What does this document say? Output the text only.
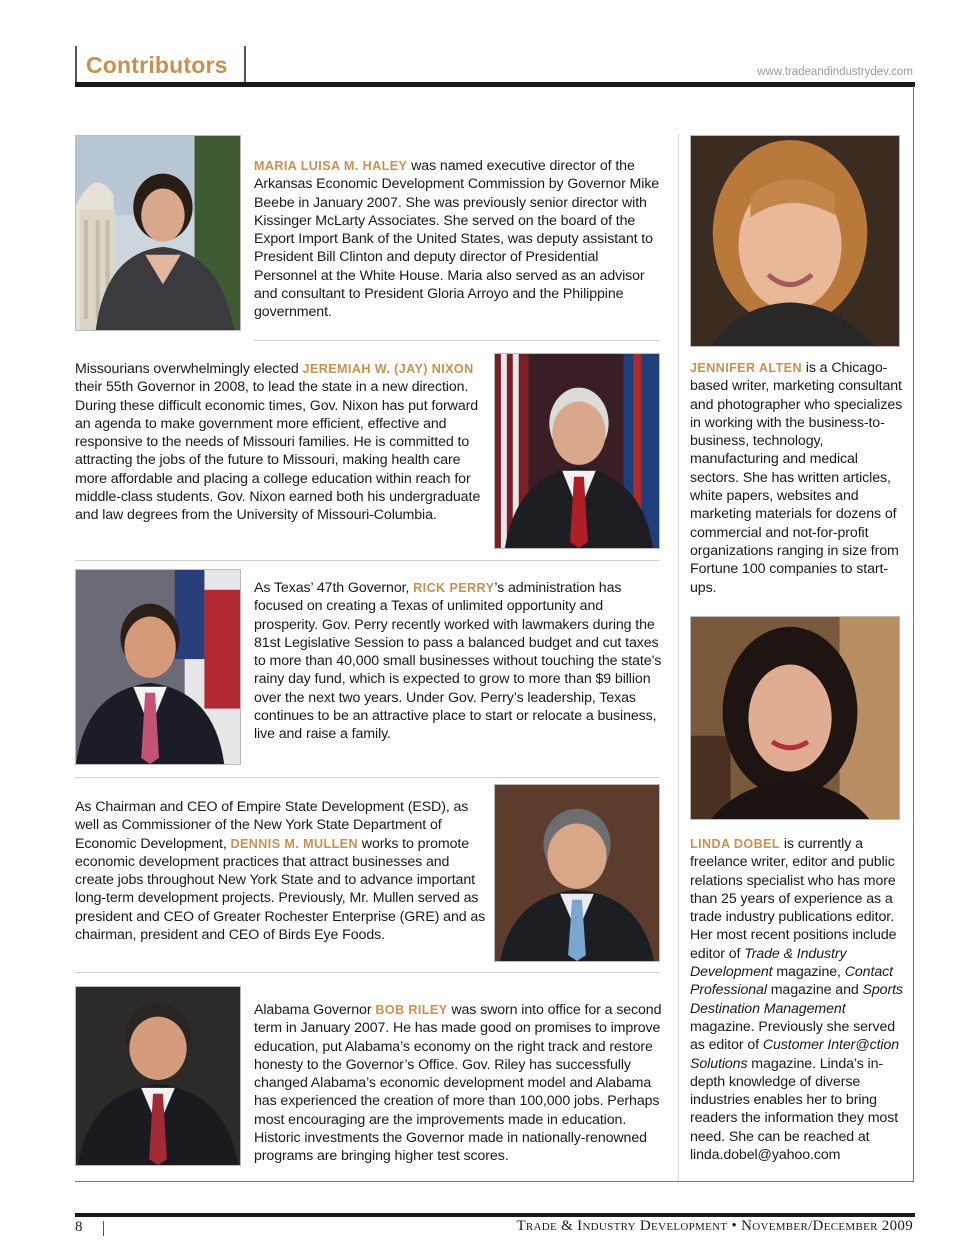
Contributors	www.tradeandindustrydev.com
MARIA LUISA M. HALEY was named executive director of the Arkansas Economic Development Commission by Governor Mike Beebe in January 2007. She was previously senior director with Kissinger McLarty Associates. She served on the board of the Export Import Bank of the United States, was deputy assistant to President Bill Clinton and deputy director of Presidential Personnel at the White House. Maria also served as an advisor and consultant to President Gloria Arroyo and the Philippine government.
Missourians overwhelmingly elected JEREMIAH W. (JAY) NIXON their 55th Governor in 2008, to lead the state in a new direction. During these difficult economic times, Gov. Nixon has put forward an agenda to make government more efficient, effective and responsive to the needs of Missouri families. He is committed to attracting the jobs of the future to Missouri, making health care more affordable and placing a college education within reach for middle-class students. Gov. Nixon earned both his undergraduate and law degrees from the University of Missouri-Columbia.
As Texas’ 47th Governor, RICK PERRY’s administration has focused on creating a Texas of unlimited opportunity and prosperity. Gov. Perry recently worked with lawmakers during the 81st Legislative Session to pass a balanced budget and cut taxes to more than 40,000 small businesses without touching the state’s rainy day fund, which is expected to grow to more than $9 billion over the next two years. Under Gov. Perry’s leadership, Texas continues to be an attractive place to start or relocate a business, live and raise a family.
As Chairman and CEO of Empire State Development (ESD), as well as Commissioner of the New York State Department of Economic Development, DENNIS M. MULLEN works to promote economic development practices that attract businesses and create jobs throughout New York State and to advance important long-term development projects. Previously, Mr. Mullen served as president and CEO of Greater Rochester Enterprise (GRE) and as chairman, president and CEO of Birds Eye Foods.
Alabama Governor BOB RILEY was sworn into office for a second term in January 2007. He has made good on promises to improve education, put Alabama’s economy on the right track and restore honesty to the Governor’s Office. Gov. Riley has successfully changed Alabama’s economic development model and Alabama has experienced the creation of more than 100,000 jobs. Perhaps most encouraging are the improvements made in education. Historic investments the Governor made in nationally-renowned programs are bringing higher test scores.
JENNIFER ALTEN is a Chicago-based writer, marketing consultant and photographer who specializes in working with the business-to-business, technology, manufacturing and medical sectors. She has written articles, white papers, websites and marketing materials for dozens of commercial and not-for-profit organizations ranging in size from Fortune 100 companies to start-ups.
LINDA DOBEL is currently a freelance writer, editor and public relations specialist who has more than 25 years of experience as a trade industry publications editor. Her most recent positions include editor of Trade & Industry Development magazine, Contact Professional magazine and Sports Destination Management magazine. Previously she served as editor of Customer Inter@ction Solutions magazine. Linda’s in-depth knowledge of diverse industries enables her to bring readers the information they most need. She can be reached at linda.dobel@yahoo.com
8	Trade & Industry Development • November/December 2009
